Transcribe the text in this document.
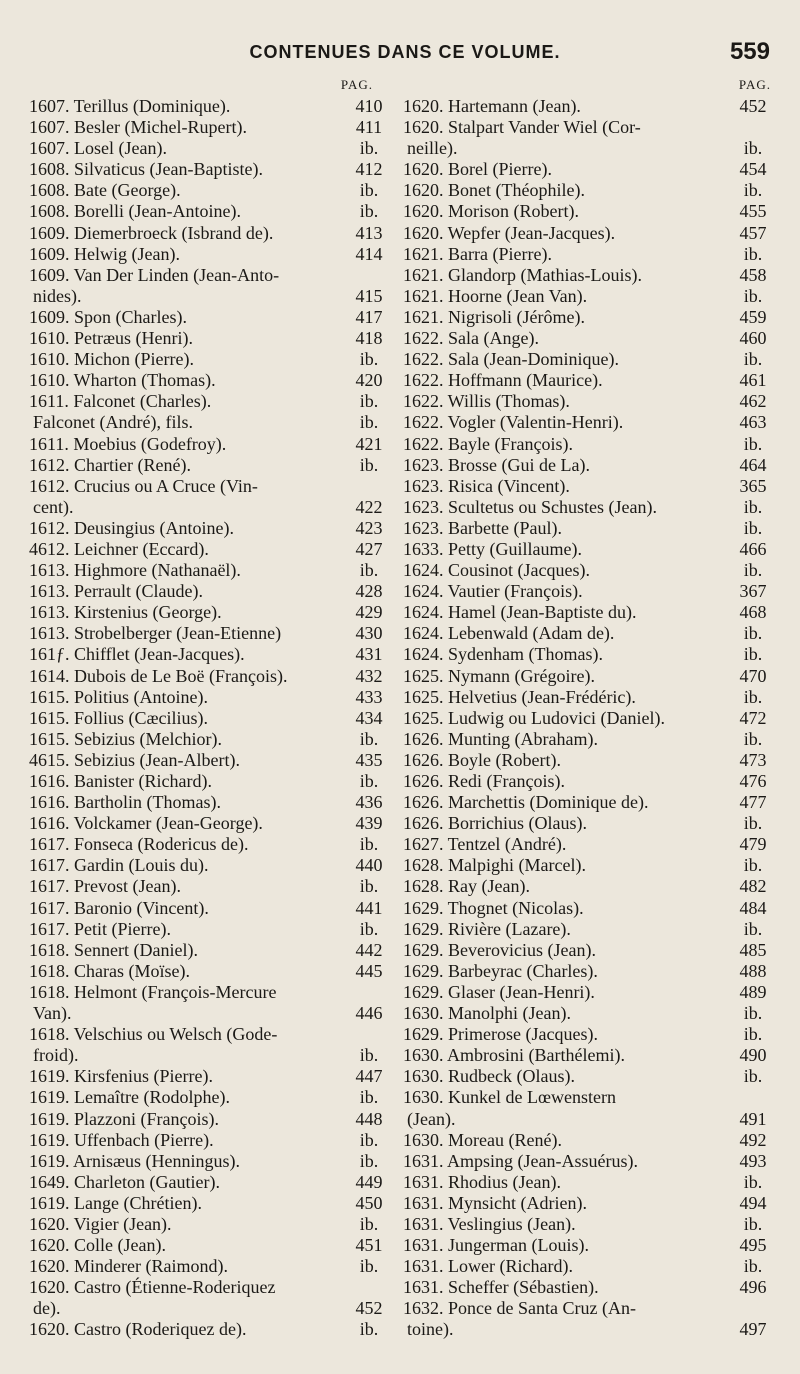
CONTENUES DANS CE VOLUME.	559
PAG.
1607. Terillus (Dominique).	410
1607. Besler (Michel-Rupert).	411
1607. Losel (Jean).	ib.
1608. Silvaticus (Jean-Baptiste).	412
1608. Bate (George).	ib.
1608. Borelli (Jean-Antoine).	ib.
1609. Diemerbroeck (Isbrand de).	413
1609. Helwig (Jean).	414
1609. Van Der Linden (Jean-Anto-
nides).	415
1609. Spon (Charles).	417
1610. Petræus (Henri).	418
1610. Michon (Pierre).	ib.
1610. Wharton (Thomas).	420
1611. Falconet (Charles).	ib.
Falconet (André), fils.	ib.
1611. Moebius (Godefroy).	421
1612. Chartier (René).	ib.
1612. Crucius ou A Cruce (Vin-
cent).	422
1612. Deusingius (Antoine).	423
4612. Leichner (Eccard).	427
1613. Highmore (Nathanaël).	ib.
1613. Perrault (Claude).	428
1613. Kirstenius (George).	429
1613. Strobelberger (Jean-Etienne)	430
161ƒ. Chifflet (Jean-Jacques).	431
1614. Dubois de Le Boë (François).	432
1615. Politius (Antoine).	433
1615. Follius (Cæcilius).	434
1615. Sebizius (Melchior).	ib.
4615. Sebizius (Jean-Albert).	435
1616. Banister (Richard).	ib.
1616. Bartholin (Thomas).	436
1616. Volckamer (Jean-George).	439
1617. Fonseca (Rodericus de).	ib.
1617. Gardin (Louis du).	440
1617. Prevost (Jean).	ib.
1617. Baronio (Vincent).	441
1617. Petit (Pierre).	ib.
1618. Sennert (Daniel).	442
1618. Charas (Moïse).	445
1618. Helmont (François-Mercure
Van).	446
1618. Velschius ou Welsch (Gode-
froid).	ib.
1619. Kirsfenius (Pierre).	447
1619. Lemaître (Rodolphe).	ib.
1619. Plazzoni (François).	448
1619. Uffenbach (Pierre).	ib.
1619. Arnisæus (Henningus).	ib.
1649. Charleton (Gautier).	449
1619. Lange (Chrétien).	450
1620. Vigier (Jean).	ib.
1620. Colle (Jean).	451
1620. Minderer (Raimond).	ib.
1620. Castro (Étienne-Roderiquez
de).	452
1620. Castro (Roderiquez de).	ib.
PAG.
1620. Hartemann (Jean).	452
1620. Stalpart Vander Wiel (Cor-
neille).	ib.
1620. Borel (Pierre).	454
1620. Bonet (Théophile).	ib.
1620. Morison (Robert).	455
1620. Wepfer (Jean-Jacques).	457
1621. Barra (Pierre).	ib.
1621. Glandorp (Mathias-Louis).	458
1621. Hoorne (Jean Van).	ib.
1621. Nigrisoli (Jérôme).	459
1622. Sala (Ange).	460
1622. Sala (Jean-Dominique).	ib.
1622. Hoffmann (Maurice).	461
1622. Willis (Thomas).	462
1622. Vogler (Valentin-Henri).	463
1622. Bayle (François).	ib.
1623. Brosse (Gui de La).	464
1623. Risica (Vincent).	365
1623. Scultetus ou Schustes (Jean).	ib.
1623. Barbette (Paul).	ib.
1633. Petty (Guillaume).	466
1624. Cousinot (Jacques).	ib.
1624. Vautier (François).	367
1624. Hamel (Jean-Baptiste du).	468
1624. Lebenwald (Adam de).	ib.
1624. Sydenham (Thomas).	ib.
1625. Nymann (Grégoire).	470
1625. Helvetius (Jean-Frédéric).	ib.
1625. Ludwig ou Ludovici (Daniel).	472
1626. Munting (Abraham).	ib.
1626. Boyle (Robert).	473
1626. Redi (François).	476
1626. Marchettis (Dominique de).	477
1626. Borrichius (Olaus).	ib.
1627. Tentzel (André).	479
1628. Malpighi (Marcel).	ib.
1628. Ray (Jean).	482
1629. Thognet (Nicolas).	484
1629. Rivière (Lazare).	ib.
1629. Beverovicius (Jean).	485
1629. Barbeyrac (Charles).	488
1629. Glaser (Jean-Henri).	489
1630. Manolphi (Jean).	ib.
1629. Primerose (Jacques).	ib.
1630. Ambrosini (Barthélemi).	490
1630. Rudbeck (Olaus).	ib.
1630. Kunkel de Lœwenstern
(Jean).	491
1630. Moreau (René).	492
1631. Ampsing (Jean-Assuérus).	493
1631. Rhodius (Jean).	ib.
1631. Mynsicht (Adrien).	494
1631. Veslingius (Jean).	ib.
1631. Jungerman (Louis).	495
1631. Lower (Richard).	ib.
1631. Scheffer (Sébastien).	496
1632. Ponce de Santa Cruz (An-
toine).	497
